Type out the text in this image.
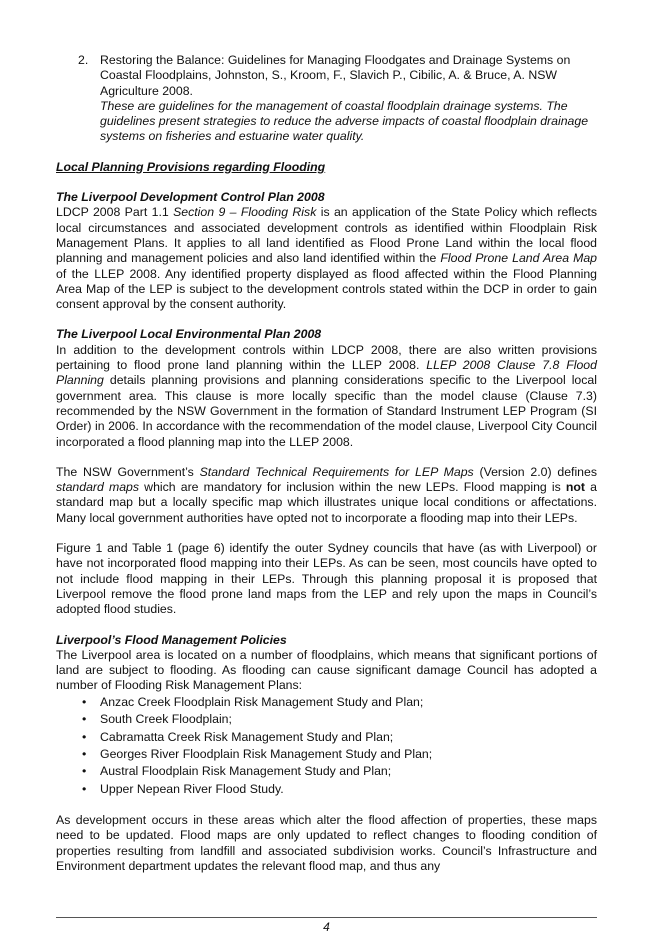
2. Restoring the Balance: Guidelines for Managing Floodgates and Drainage Systems on Coastal Floodplains, Johnston, S., Kroom, F., Slavich P., Cibilic, A. & Bruce, A. NSW Agriculture 2008.

These are guidelines for the management of coastal floodplain drainage systems. The guidelines present strategies to reduce the adverse impacts of coastal floodplain drainage systems on fisheries and estuarine water quality.

Local Planning Provisions regarding Flooding

The Liverpool Development Control Plan 2008

LDCP 2008 Part 1.1 Section 9 – Flooding Risk is an application of the State Policy which reflects local circumstances and associated development controls as identified within Floodplain Risk Management Plans. It applies to all land identified as Flood Prone Land within the local flood planning and management policies and also land identified within the Flood Prone Land Area Map of the LLEP 2008. Any identified property displayed as flood affected within the Flood Planning Area Map of the LEP is subject to the development controls stated within the DCP in order to gain consent approval by the consent authority.

The Liverpool Local Environmental Plan 2008

In addition to the development controls within LDCP 2008, there are also written provisions pertaining to flood prone land planning within the LLEP 2008. LLEP 2008 Clause 7.8 Flood Planning details planning provisions and planning considerations specific to the Liverpool local government area. This clause is more locally specific than the model clause (Clause 7.3) recommended by the NSW Government in the formation of Standard Instrument LEP Program (SI Order) in 2006. In accordance with the recommendation of the model clause, Liverpool City Council incorporated a flood planning map into the LLEP 2008.

The NSW Government’s Standard Technical Requirements for LEP Maps (Version 2.0) defines standard maps which are mandatory for inclusion within the new LEPs. Flood mapping is not a standard map but a locally specific map which illustrates unique local conditions or affectations. Many local government authorities have opted not to incorporate a flooding map into their LEPs.

Figure 1 and Table 1 (page 6) identify the outer Sydney councils that have (as with Liverpool) or have not incorporated flood mapping into their LEPs. As can be seen, most councils have opted to not include flood mapping in their LEPs. Through this planning proposal it is proposed that Liverpool remove the flood prone land maps from the LEP and rely upon the maps in Council’s adopted flood studies.

Liverpool’s Flood Management Policies

The Liverpool area is located on a number of floodplains, which means that significant portions of land are subject to flooding. As flooding can cause significant damage Council has adopted a number of Flooding Risk Management Plans:

• Anzac Creek Floodplain Risk Management Study and Plan;
• South Creek Floodplain;
• Cabramatta Creek Risk Management Study and Plan;
• Georges River Floodplain Risk Management Study and Plan;
• Austral Floodplain Risk Management Study and Plan;
• Upper Nepean River Flood Study.

As development occurs in these areas which alter the flood affection of properties, these maps need to be updated. Flood maps are only updated to reflect changes to flooding condition of properties resulting from landfill and associated subdivision works. Council’s Infrastructure and Environment department updates the relevant flood map, and thus any

4
